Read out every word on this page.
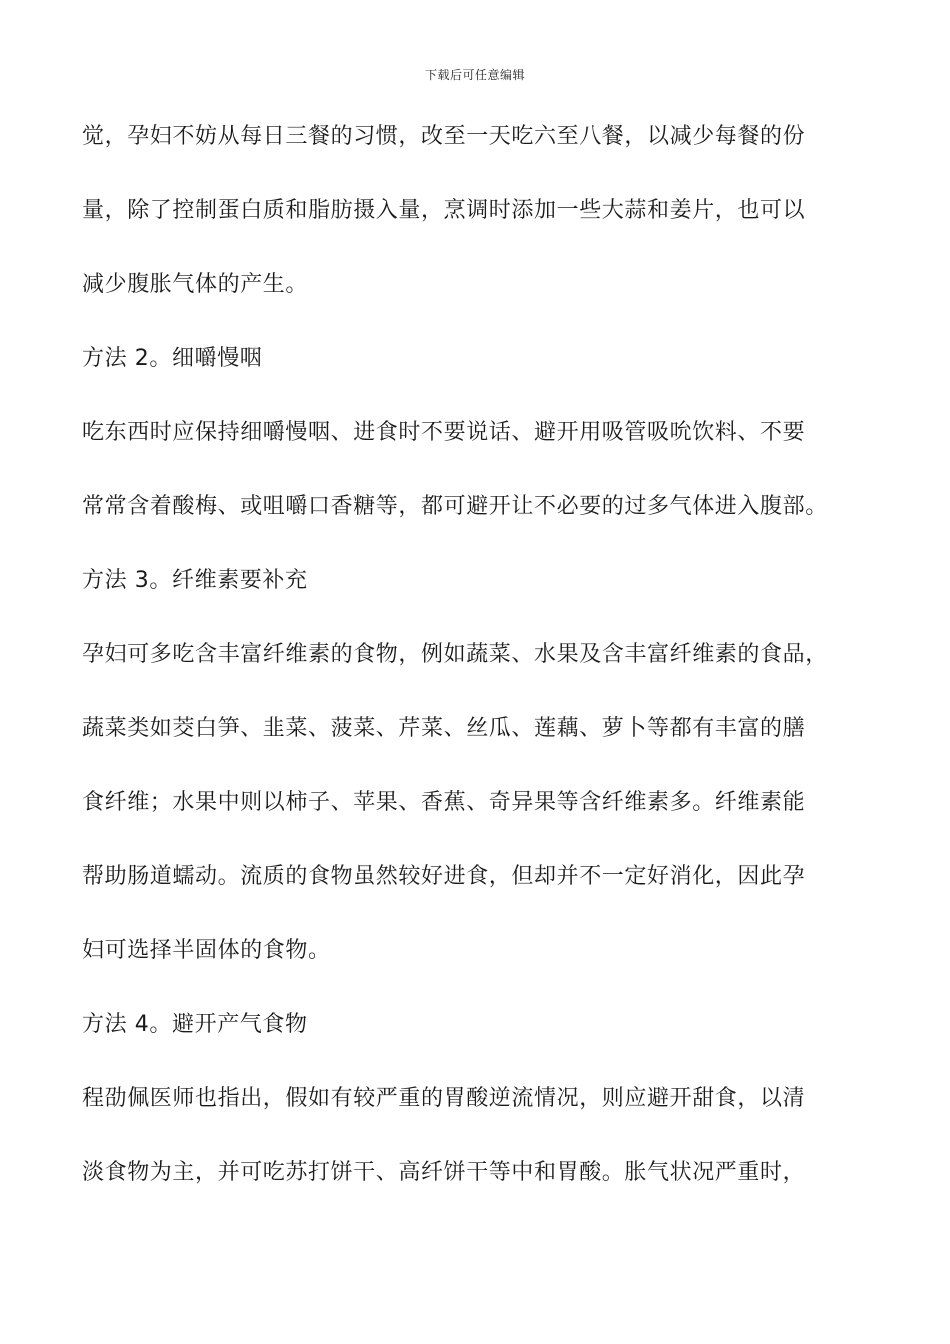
下载后可任意编辑
觉，孕妇不妨从每日三餐的习惯，改至一天吃六至八餐，以减少每餐的份
量，除了控制蛋白质和脂肪摄入量，烹调时添加一些大蒜和姜片，也可以
减少腹胀气体的产生。
方法 2。细嚼慢咽
吃东西时应保持细嚼慢咽、进食时不要说话、避开用吸管吸吮饮料、不要
常常含着酸梅、或咀嚼口香糖等，都可避开让不必要的过多气体进入腹部。
方法 3。纤维素要补充
孕妇可多吃含丰富纤维素的食物，例如蔬菜、水果及含丰富纤维素的食品，
蔬菜类如茭白笋、韭菜、菠菜、芹菜、丝瓜、莲藕、萝卜等都有丰富的膳
食纤维；水果中则以柿子、苹果、香蕉、奇异果等含纤维素多。纤维素能
帮助肠道蠕动。流质的食物虽然较好进食，但却并不一定好消化，因此孕
妇可选择半固体的食物。
方法 4。避开产气食物
程劭佩医师也指出，假如有较严重的胃酸逆流情况，则应避开甜食，以清
淡食物为主，并可吃苏打饼干、高纤饼干等中和胃酸。胀气状况严重时，
